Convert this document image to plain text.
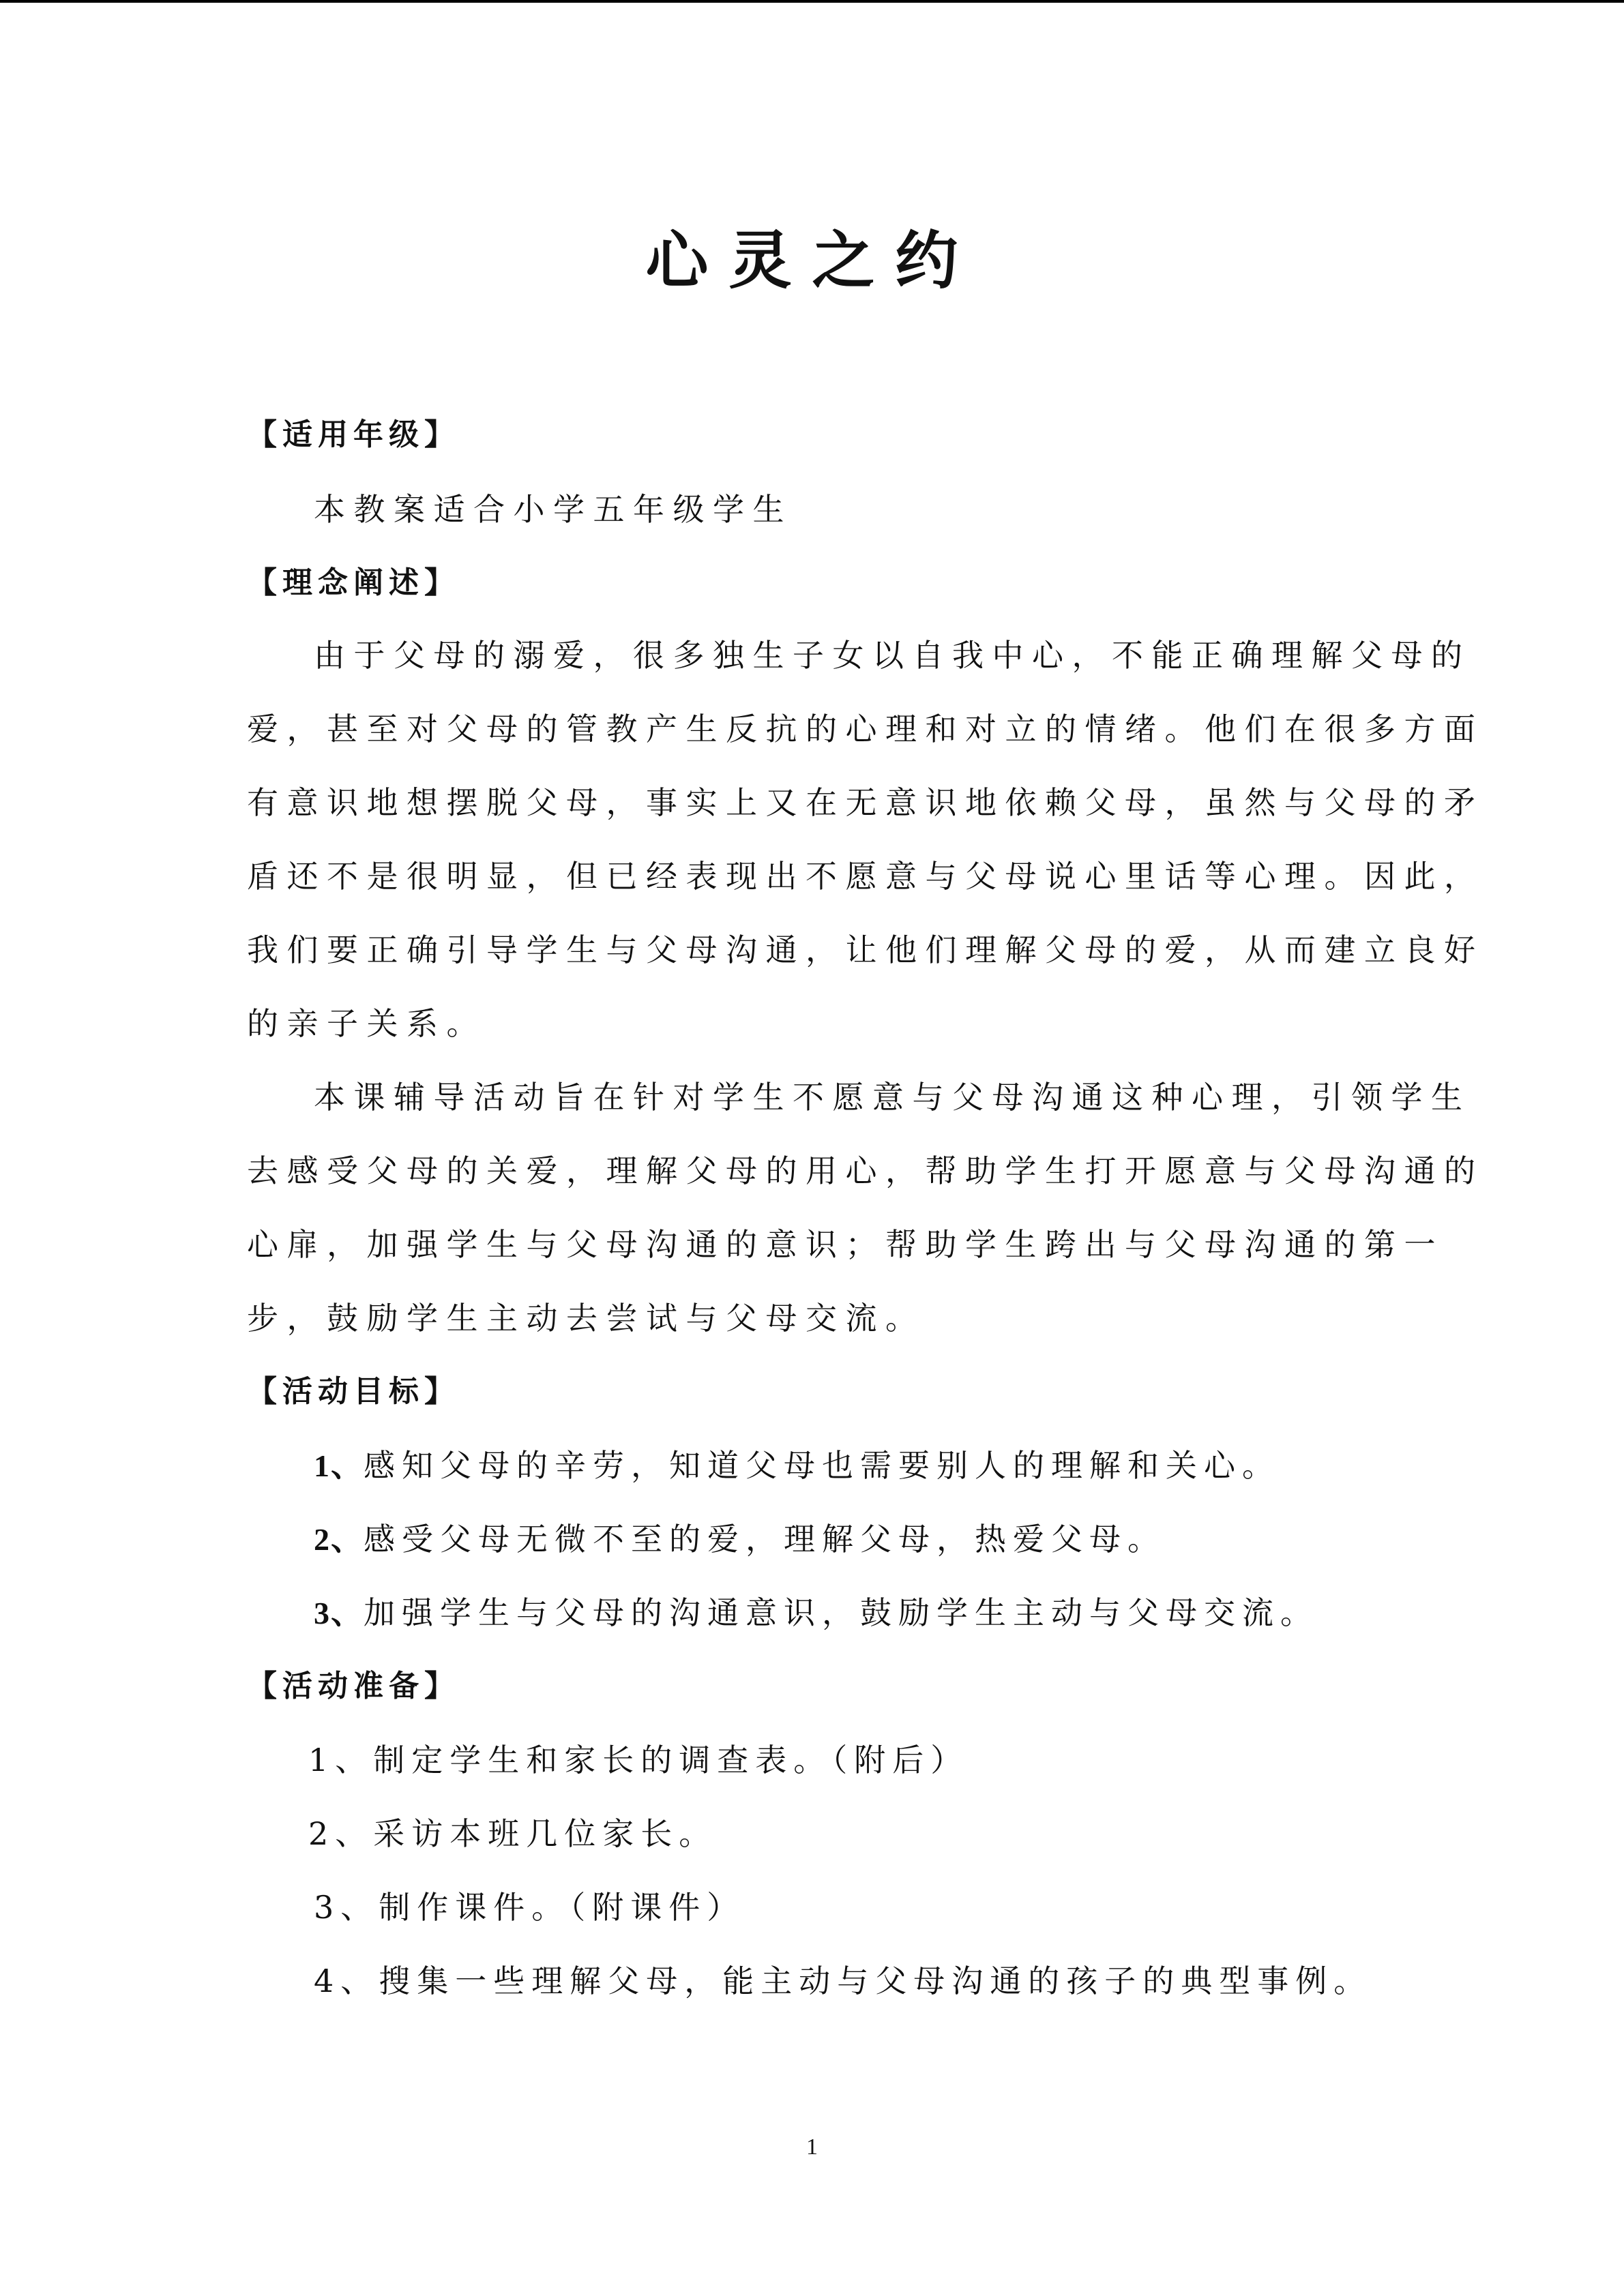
心灵之约

【适用年级】

本教案适合小学五年级学生

【理念阐述】

由于父母的溺爱，很多独生子女以自我中心，不能正确理解父母的

爱，甚至对父母的管教产生反抗的心理和对立的情绪。他们在很多方面

有意识地想摆脱父母，事实上又在无意识地依赖父母，虽然与父母的矛

盾还不是很明显，但已经表现出不愿意与父母说心里话等心理。因此，

我们要正确引导学生与父母沟通，让他们理解父母的爱，从而建立良好

的亲子关系。

本课辅导活动旨在针对学生不愿意与父母沟通这种心理，引领学生

去感受父母的关爱，理解父母的用心，帮助学生打开愿意与父母沟通的

心扉，加强学生与父母沟通的意识；帮助学生跨出与父母沟通的第一

步，鼓励学生主动去尝试与父母交流。

【活动目标】

1、感知父母的辛劳，知道父母也需要别人的理解和关心。

2、感受父母无微不至的爱，理解父母，热爱父母。

3、加强学生与父母的沟通意识，鼓励学生主动与父母交流。

【活动准备】

1、制定学生和家长的调查表。（附后）

2、采访本班几位家长。

3、制作课件。（附课件）

4、搜集一些理解父母，能主动与父母沟通的孩子的典型事例。

1
